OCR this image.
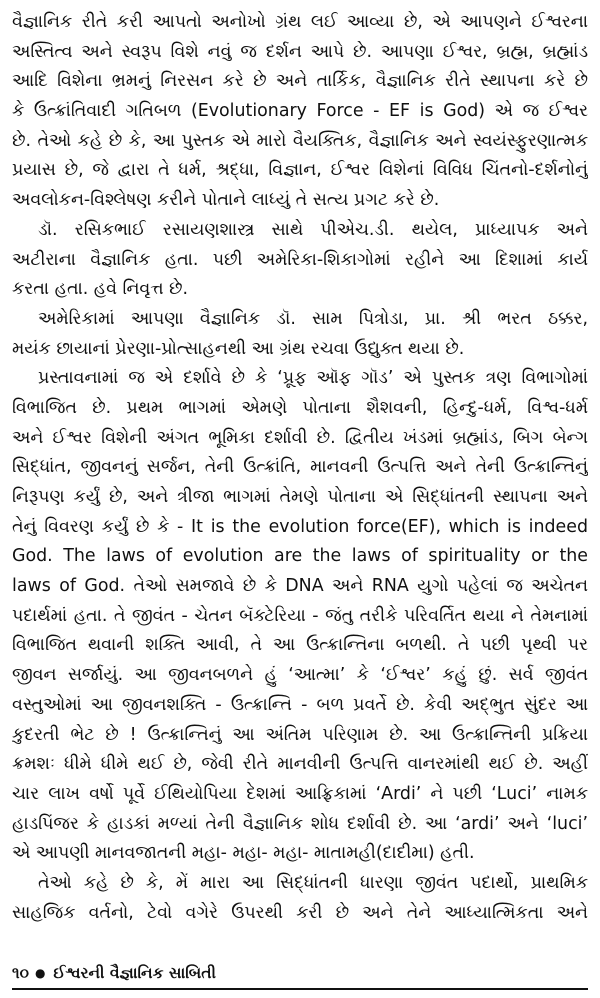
વૈજ્ઞાનિક રીતે કરી આપતો અનોખો ગ્રંથ લઈ આવ્યા છે, એ આપણને ઈશ્વરના
અસ્તિત્વ અને સ્વરૂપ વિશે નવું જ દર્શન આપે છે. આપણા ઈશ્વર, બ્રહ્મ, બ્રહ્માંડ
આદિ વિશેના ભ્રમનું નિરસન કરે છે અને તાર્કિક, વૈજ્ઞાનિક રીતે સ્થાપના કરે છે
કે ઉત્ક્રાંતિવાદી ગતિબળ (Evolutionary Force - EF is God) એ જ ઈશ્વર
છે. તેઓ કહે છે કે, આ પુસ્તક એ મારો વૈયક્તિક, વૈજ્ઞાનિક અને સ્વયંસ્ફુરણાત્મક
પ્રયાસ છે, જે દ્વારા તે ધર્મ, શ્રદ્ધા, વિજ્ઞાન, ઈશ્વર વિશેનાં વિવિધ ચિંતનો-દર્શનોનું
અવલોકન-વિશ્લેષણ કરીને પોતાને લાધ્યું તે સત્ય પ્રગટ કરે છે.
ડૉ. રસિકભાઈ રસાયણશાસ્ત્ર સાથે પીએચ.ડી. થયેલ, પ્રાધ્યાપક અને
અટીરાના વૈજ્ઞાનિક હતા. પછી અમેરિકા-શિકાગોમાં રહીને આ દિશામાં કાર્ય
કરતા હતા. હવે નિવૃત્ત છે.
અમેરિકામાં આપણા વૈજ્ઞાનિક ડૉ. સામ પિત્રોડા, પ્રા. શ્રી ભરત ઠક્કર,
મયંક છાયાનાં પ્રેરણા-પ્રોત્સાહનથી આ ગ્રંથ રચવા ઉદ્યુક્ત થયા છે.
પ્રસ્તાવનામાં જ એ દર્શાવે છે કે ‘પ્રૂફ ઑફ ગૉડ’ એ પુસ્તક ત્રણ વિભાગોમાં
વિભાજિત છે. પ્રથમ ભાગમાં એમણે પોતાના શૈશવની, હિન્દુ-ધર્મ, વિશ્વ-ધર્મ
અને ઈશ્વર વિશેની અંગત ભૂમિકા દર્શાવી છે. દ્વિતીય ખંડમાં બ્રહ્માંડ, બિગ બેન્ગ
સિદ્ધાંત, જીવનનું સર્જન, તેની ઉત્ક્રાંતિ, માનવની ઉત્પત્તિ અને તેની ઉત્ક્રાન્તિનું
નિરૂપણ કર્યું છે, અને ત્રીજા ભાગમાં તેમણે પોતાના એ સિદ્ધાંતની સ્થાપના અને
તેનું વિવરણ કર્યું છે કે - It is the evolution force(EF), which is indeed
God. The laws of evolution are the laws of spirituality or the
laws of God. તેઓ સમજાવે છે કે DNA અને RNA યુગો પહેલાં જ અચેતન
પદાર્થમાં હતા. તે જીવંત - ચેતન બૅક્ટેરિયા - જંતુ તરીકે પરિવર્તિત થયા ને તેમનામાં
વિભાજિત થવાની શક્તિ આવી, તે આ ઉત્ક્રાન્તિના બળથી. તે પછી પૃથ્વી પર
જીવન સર્જાયું. આ જીવનબળને હું ‘આત્મા’ કે ‘ઈશ્વર’ કહું છું. સર્વ જીવંત
વસ્તુઓમાં આ જીવનશક્તિ - ઉત્ક્રાન્તિ - બળ પ્રવર્તે છે. કેવી અદ્ભુત સુંદર આ
કુદરતી ભેટ છે ! ઉત્ક્રાન્તિનું આ અંતિમ પરિણામ છે. આ ઉત્ક્રાન્તિની પ્રક્રિયા
ક્રમશઃ ધીમે ધીમે થઈ છે, જેવી રીતે માનવીની ઉત્પત્તિ વાનરમાંથી થઈ છે. અહીં
ચાર લાખ વર્ષો પૂર્વે ઈથિયોપિયા દેશમાં આફ્રિકામાં ‘Ardi’ ને પછી ‘Luci’ નામક
હાડપિંજર કે હાડકાં મળ્યાં તેની વૈજ્ઞાનિક શોધ દર્શાવી છે. આ ‘ardi’ અને ‘luci’
એ આપણી માનવજાતની મહા- મહા- મહા- માતામહી(દાદીમા) હતી.
તેઓ કહે છે કે, મેં મારા આ સિદ્ધાંતની ધારણા જીવંત પદાર્થો, પ્રાથમિક
સાહજિક વર્તનો, ટેવો વગેરે ઉપરથી કરી છે અને તેને આધ્યાત્મિકતા અને
૧૦ ● ઈશ્વરની વૈજ્ઞાનિક સાબિતી
